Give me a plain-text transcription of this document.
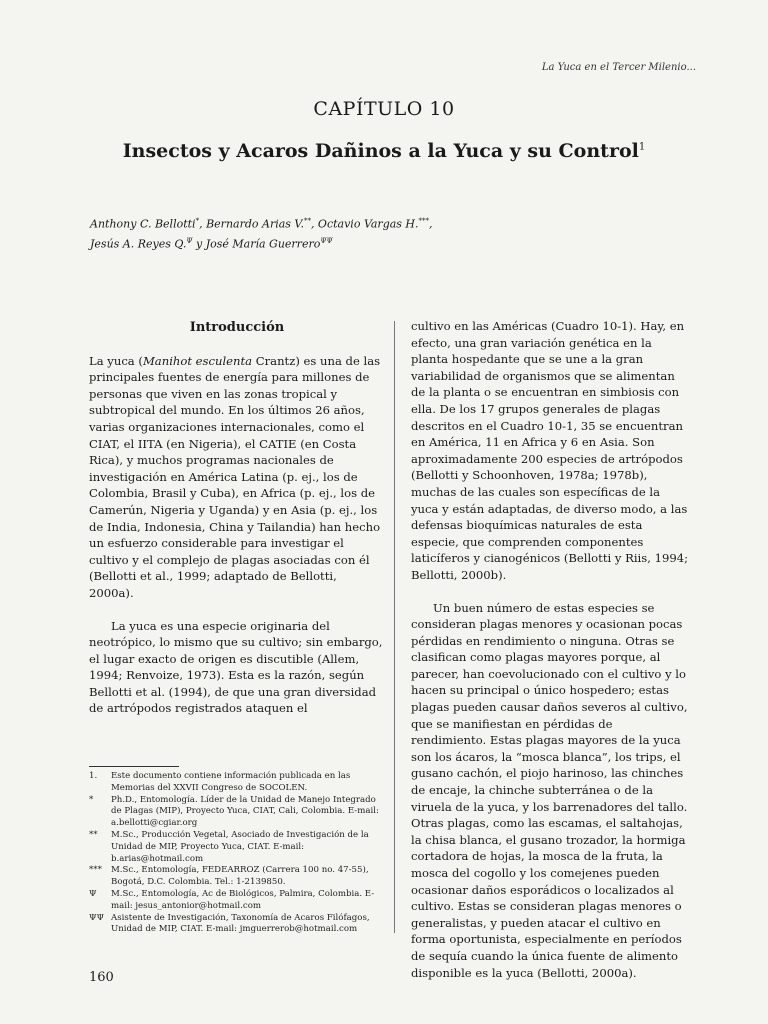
La Yuca en el Tercer Milenio...
CAPÍTULO 10
Insectos y Acaros Dañinos a la Yuca y su Control$^1$
Anthony C. Bellotti*, Bernardo Arias V.**, Octavio Vargas H.***,
Jesús A. Reyes Q.$^\Psi$ y José María Guerrero$^{\Psi\Psi}$
Introducción

La yuca (Manihot esculenta Crantz) es una de las principales fuentes de energía para millones de personas que viven en las zonas tropical y subtropical del mundo. En los últimos 26 años, varias organizaciones internacionales, como el CIAT, el IITA (en Nigeria), el CATIE (en Costa Rica), y muchos programas nacionales de investigación en América Latina (p. ej., los de Colombia, Brasil y Cuba), en Africa (p. ej., los de Camerún, Nigeria y Uganda) y en Asia (p. ej., los de India, Indonesia, China y Tailandia) han hecho un esfuerzo considerable para investigar el cultivo y el complejo de plagas asociadas con él (Bellotti et al., 1999; adaptado de Bellotti, 2000a).

La yuca es una especie originaria del neotrópico, lo mismo que su cultivo; sin embargo, el lugar exacto de origen es discutible (Allem, 1994; Renvoize, 1973). Esta es la razón, según Bellotti et al. (1994), de que una gran diversidad de artrópodos registrados ataquen el

cultivo en las Américas (Cuadro 10-1). Hay, en efecto, una gran variación genética en la planta hospedante que se une a la gran variabilidad de organismos que se alimentan de la planta o se encuentran en simbiosis con ella. De los 17 grupos generales de plagas descritos en el Cuadro 10-1, 35 se encuentran en América, 11 en Africa y 6 en Asia. Son aproximadamente 200 especies de artrópodos (Bellotti y Schoonhoven, 1978a; 1978b), muchas de las cuales son específicas de la yuca y están adaptadas, de diverso modo, a las defensas bioquímicas naturales de esta especie, que comprenden componentes laticíferos y cianogénicos (Bellotti y Riis, 1994; Bellotti, 2000b).

Un buen número de estas especies se consideran plagas menores y ocasionan pocas pérdidas en rendimiento o ninguna. Otras se clasifican como plagas mayores porque, al parecer, han coevolucionado con el cultivo y lo hacen su principal o único hospedero; estas plagas pueden causar daños severos al cultivo, que se manifiestan en pérdidas de rendimiento. Estas plagas mayores de la yuca son los ácaros, la “mosca blanca”, los trips, el gusano cachón, el piojo harinoso, las chinches de encaje, la chinche subterránea o de la viruela de la yuca, y los barrenadores del tallo. Otras plagas, como las escamas, el saltahojas, la chisa blanca, el gusano trozador, la hormiga cortadora de hojas, la mosca de la fruta, la mosca del cogollo y los comejenes pueden ocasionar daños esporádicos o localizados al cultivo. Estas se consideran plagas menores o generalistas, y pueden atacar el cultivo en forma oportunista, especialmente en períodos de sequía cuando la única fuente de alimento disponible es la yuca (Bellotti, 2000a).

1.	Este documento contiene información publicada en las Memorias del XXVII Congreso de SOCOLEN.
*	Ph.D., Entomología. Líder de la Unidad de Manejo Integrado de Plagas (MIP), Proyecto Yuca, CIAT, Cali, Colombia. E-mail: a.bellotti@cgiar.org
**	M.Sc., Producción Vegetal, Asociado de Investigación de la Unidad de MIP, Proyecto Yuca, CIAT. E-mail: b.arias@hotmail.com
***	M.Sc., Entomología, FEDEARROZ (Carrera 100 no. 47-55), Bogotá, D.C. Colombia. Tel.: 1-2139850.
Ψ	M.Sc., Entomología, Ac de Biológicos, Palmira, Colombia. E-mail: jesus_antonior@hotmail.com
ΨΨ Asistente de Investigación, Taxonomía de Acaros Filófagos, Unidad de MIP, CIAT. E-mail: jmguerrerob@hotmail.com
160
